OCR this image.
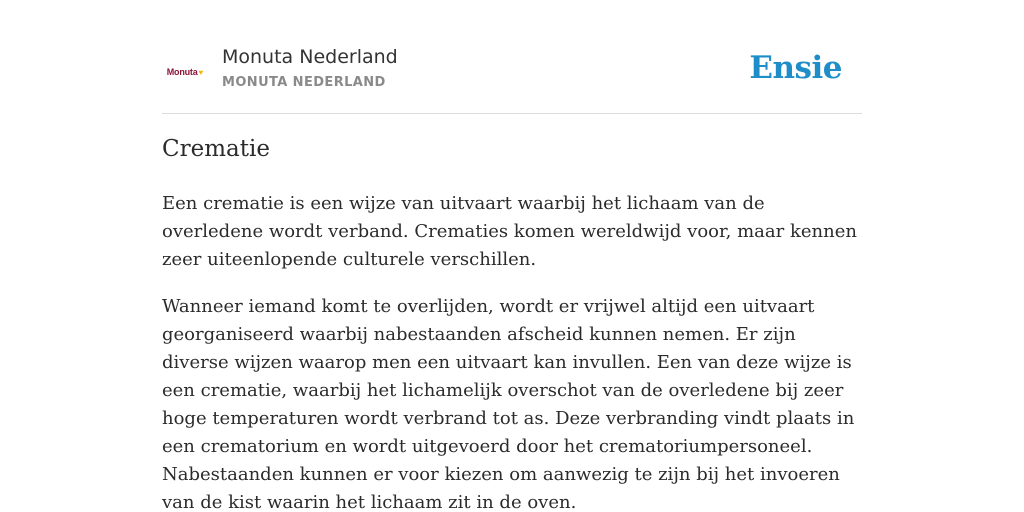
Monuta ♥
Monuta Nederland
MONUTA NEDERLAND	Ensie
Crematie

Een crematie is een wijze van uitvaart waarbij het lichaam van de overledene wordt verband. Crematies komen wereldwijd voor, maar kennen zeer uiteenlopende culturele verschillen.

Wanneer iemand komt te overlijden, wordt er vrijwel altijd een uitvaart georganiseerd waarbij nabestaanden afscheid kunnen nemen. Er zijn diverse wijzen waarop men een uitvaart kan invullen. Een van deze wijze is een crematie, waarbij het lichamelijk overschot van de overledene bij zeer hoge temperaturen wordt verbrand tot as. Deze verbranding vindt plaats in een crematorium en wordt uitgevoerd door het crematoriumpersoneel. Nabestaanden kunnen er voor kiezen om aanwezig te zijn bij het invoeren van de kist waarin het lichaam zit in de oven.
